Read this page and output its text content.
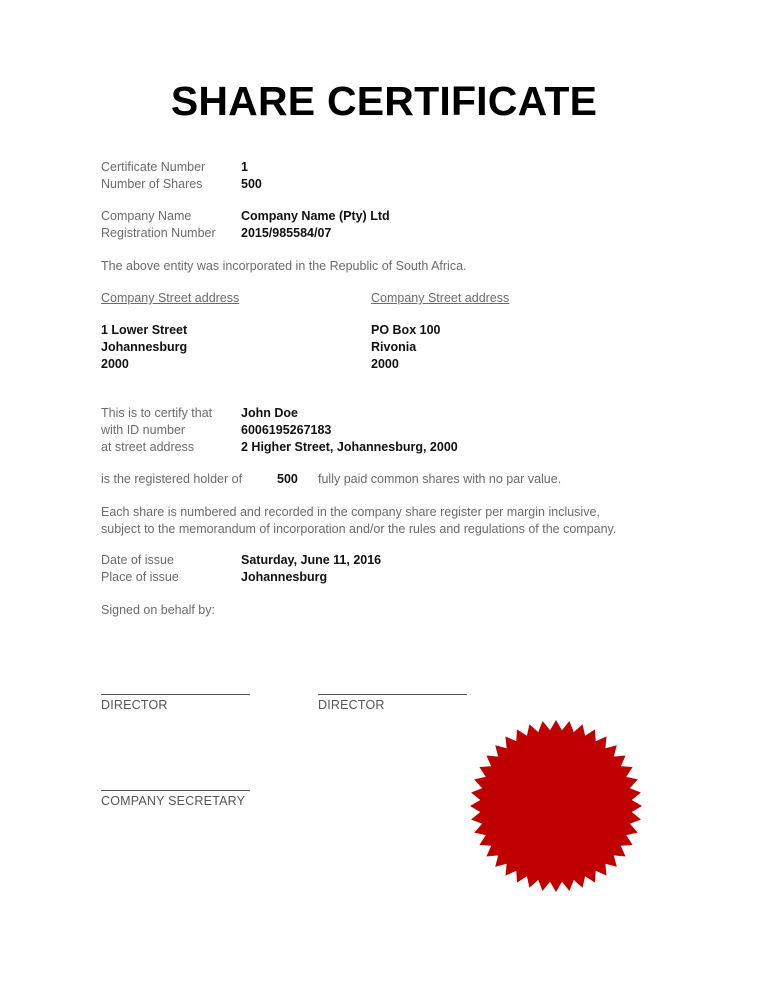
SHARE CERTIFICATE
Certificate Number	1
Number of Shares	500
Company Name	Company Name (Pty) Ltd
Registration Number 2015/985584/07
The above entity was incorporated in the Republic of South Africa.
Company Street address
1 Lower Street
Johannesburg
2000
Company Street address
PO Box 100
Rivonia
2000
This is to certify that John Doe
with ID number	6006195267183
at street address	2 Higher Street, Johannesburg, 2000
is the registered holder of	500 fully paid common shares with no par value.
Each share is numbered and recorded in the company share register per margin inclusive,
subject to the memorandum of incorporation and/or the rules and regulations of the company.
Date of issue	Saturday, June 11, 2016
Place of issue	Johannesburg
Signed on behalf by:
DIRECTOR	DIRECTOR
COMPANY SECRETARY
